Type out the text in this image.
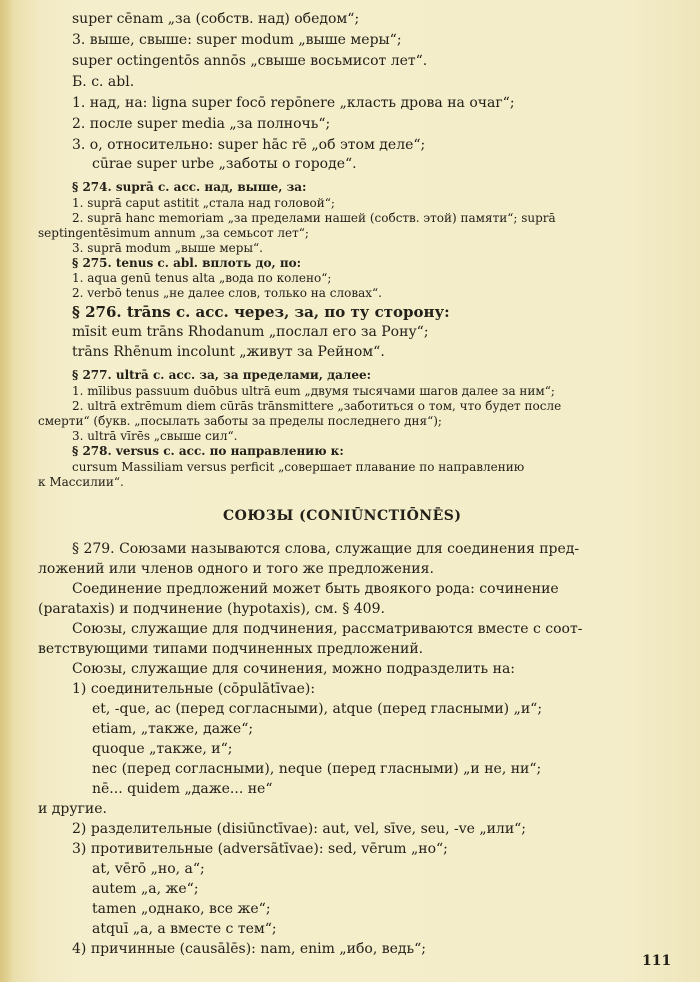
super cēnam „за (собств. над) обедом“;
3. выше, свыше: super modum „выше меры“;
super octingentōs annōs „свыше восьмисот лет“.
Б. c. abl.
1. над, на: ligna super focō repōnere „класть дрова на очаг“;
2. после super media „за полночь“;
3. о, относительно: super hāc rē „об этом деле“;
cūrae super urbe „заботы о городе“.
§ 274. suprā c. acc. над, выше, за:
1. suprā caput astitit „стала над головой“;
2. suprā hanc memoriam „за пределами нашей (собств. этой) памяти“; suprā
septingentēsimum annum „за семьсот лет“;
3. suprā modum „выше меры“.
§ 275. tenus c. abl. вплоть до, по:
1. aqua genū tenus alta „вода по колено“;
2. verbō tenus „не далее слов, только на словах“.
§ 276. trāns c. acc. через, за, по ту сторону:
mīsit eum trāns Rhodanum „послал его за Рону“;
trāns Rhēnum incolunt „живут за Рейном“.
§ 277. ultrā c. acc. за, за пределами, далее:
1. mīlibus passuum duōbus ultrā eum „двумя тысячами шагов далее за ним“;
2. ultrā extrēmum diem cūrās trānsmittere „заботиться о том, что будет после
смерти“ (букв. „посылать заботы за пределы последнего дня“);
3. ultrā vīrēs „свыше сил“.
§ 278. versus c. acc. по направлению к:
cursum Massiliam versus perficit „совершает плавание по направлению
к Массилии“.
СОЮЗЫ (CONIŪNCTIŌNĒS)
§ 279. Союзами называются слова, служащие для соединения пред-
ложений или членов одного и того же предложения.
Соединение предложений может быть двоякого рода: сочинение
(parataxis) и подчинение (hypotaxis), см. § 409.
Союзы, служащие для подчинения, рассматриваются вместе с соот-
ветствующими типами подчиненных предложений.
Союзы, служащие для сочинения, можно подразделить на:
1) соединительные (cōpulātīvae):
et, -que, ac (перед согласными), atque (перед гласными) „и“;
etiam, „также, даже“;
quoque „также, и“;
nec (перед согласными), neque (перед гласными) „и не, ни“;
nē... quidem „даже... не“
и другие.
2) разделительные (disiūnctīvae): aut, vel, sīve, seu, -ve „или“;
3) противительные (adversātīvae): sed, vērum „но“;
at, vērō „но, а“;
autem „а, же“;
tamen „однако, все же“;
atquī „а, а вместе с тем“;
4) причинные (causālēs): nam, enim „ибо, ведь“;
111
